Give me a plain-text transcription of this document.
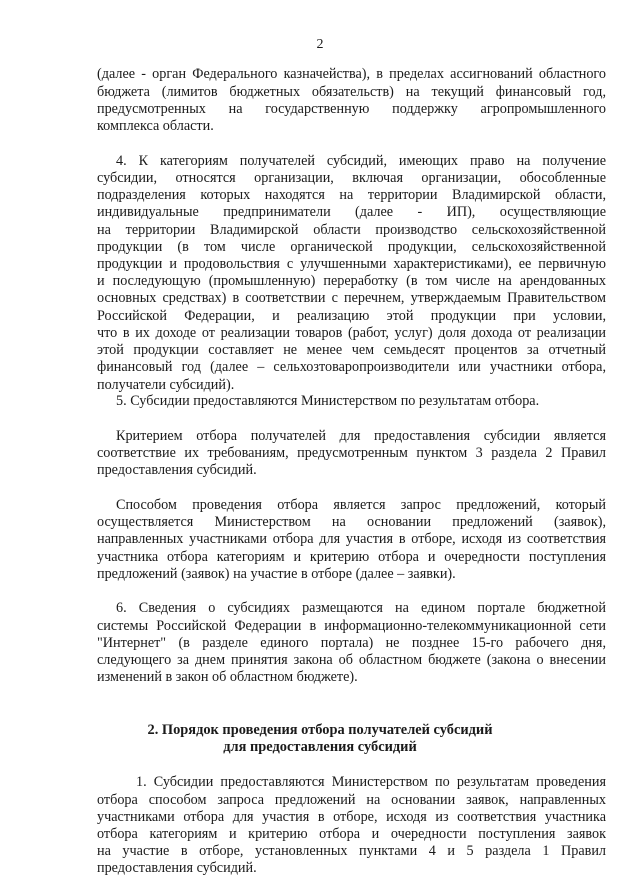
2
(далее - орган Федерального казначейства), в пределах ассигнований областного
бюджета (лимитов бюджетных обязательств) на текущий финансовый год,
предусмотренных на государственную поддержку агропромышленного
комплекса области.
4. К категориям получателей субсидий, имеющих право на получение
субсидии, относятся организации, включая организации, обособленные
подразделения которых находятся на территории Владимирской области,
индивидуальные предприниматели (далее - ИП), осуществляющие
на территории Владимирской области производство сельскохозяйственной
продукции (в том числе органической продукции, сельскохозяйственной
продукции и продовольствия с улучшенными характеристиками), ее первичную
и последующую (промышленную) переработку (в том числе на арендованных
основных средствах) в соответствии с перечнем, утверждаемым Правительством
Российской Федерации, и реализацию этой продукции при условии,
что в их доходе от реализации товаров (работ, услуг) доля дохода от реализации
этой продукции составляет не менее чем семьдесят процентов за отчетный
финансовый год (далее – сельхозтоваропроизводители или участники отбора,
получатели субсидий).
5. Субсидии предоставляются Министерством по результатам отбора.
Критерием отбора получателей для предоставления субсидии является
соответствие их требованиям, предусмотренным пунктом 3 раздела 2 Правил
предоставления субсидий.
Способом проведения отбора является запрос предложений, который
осуществляется Министерством на основании предложений (заявок),
направленных участниками отбора для участия в отборе, исходя из соответствия
участника отбора категориям и критерию отбора и очередности поступления
предложений (заявок) на участие в отборе (далее – заявки).
6. Сведения о субсидиях размещаются на едином портале бюджетной
системы Российской Федерации в информационно-телекоммуникационной сети
"Интернет" (в разделе единого портала) не позднее 15-го рабочего дня,
следующего за днем принятия закона об областном бюджете (закона о внесении
изменений в закон об областном бюджете).
2. Порядок проведения отбора получателей субсидий
для предоставления субсидий
1. Субсидии предоставляются Министерством по результатам проведения
отбора способом запроса предложений на основании заявок, направленных
участниками отбора для участия в отборе, исходя из соответствия участника
отбора категориям и критерию отбора и очередности поступления заявок
на участие в отборе, установленных пунктами 4 и 5 раздела 1 Правил
предоставления субсидий.
